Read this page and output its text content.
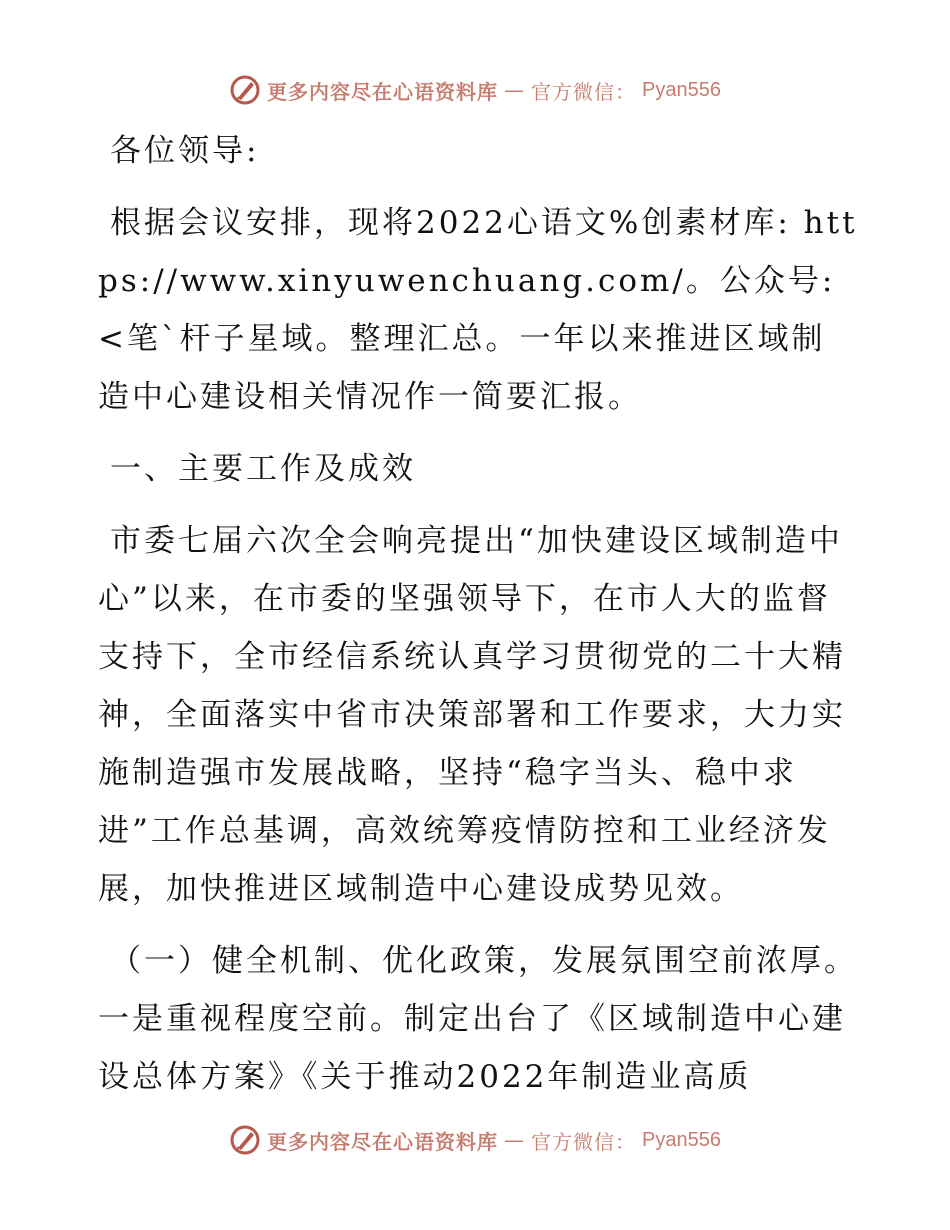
更多内容尽在心语资料库 — 官方微信： Pyan556

各位领导:

根据会议安排，现将2022心语文%创素材库: https://www.xinyuwenchuang.com/。公众号: <笔`杆子星域。整理汇总。一年以来推进区域制造中心建设相关情况作一简要汇报。

一、主要工作及成效

市委七届六次全会响亮提出“加快建设区域制造中心”以来，在市委的坚强领导下，在市人大的监督支持下，全市经信系统认真学习贯彻党的二十大精神，全面落实中省市决策部署和工作要求，大力实施制造强市发展战略，坚持“稳字当头、稳中求进”工作总基调，高效统筹疫情防控和工业经济发展，加快推进区域制造中心建设成势见效。

（一）健全机制、优化政策，发展氛围空前浓厚。一是重视程度空前。制定出台了《区域制造中心建设总体方案》《关于推动2022年制造业高质

更多内容尽在心语资料库 — 官方微信： Pyan556
